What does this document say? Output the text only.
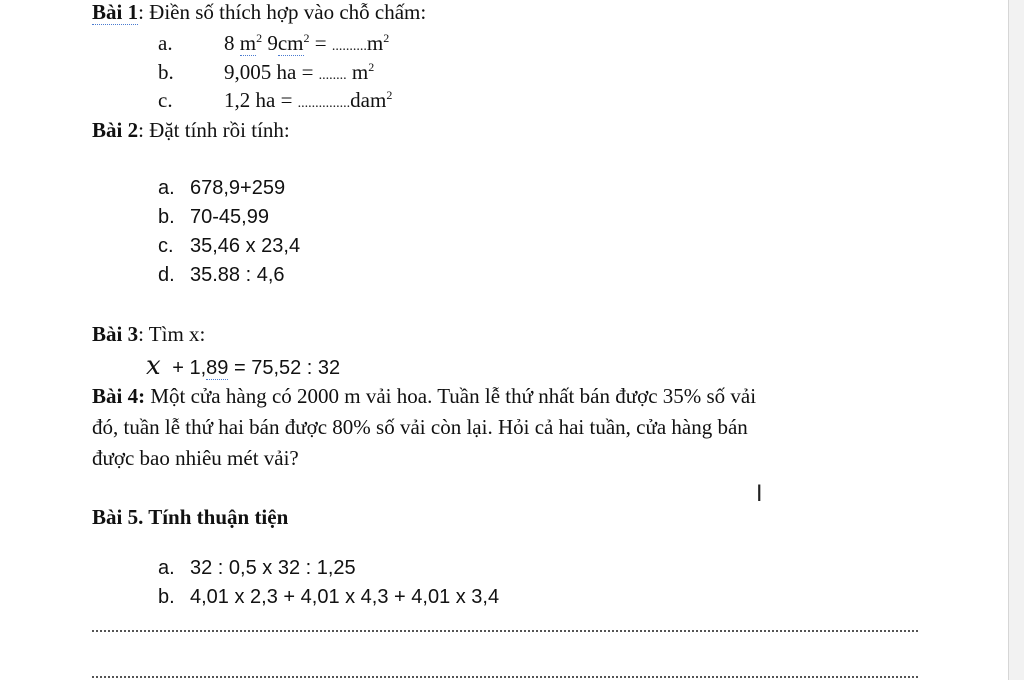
Bài 1: Điền số thích hợp vào chỗ chấm:
a. 8 $m^2$ $9cm^2 = ..........m^2$
b. 9,005 ha = ........ $m^2$
c. 1,2 ha = ...............dam$^2$
Bài 2: Đặt tính rồi tính:
a. 678,9+259
b. 70-45,99
c. 35,46 x 23,4
d. 35.88 : 4,6
Bài 3: Tìm x:
x + 1,89 = 75,52 : 32
Bài 4: Một cửa hàng có 2000 m vải hoa. Tuần lễ thứ nhất bán được 35% số vải
đó, tuần lễ thứ hai bán được 80% số vải còn lại. Hỏi cả hai tuần, cửa hàng bán
được bao nhiêu mét vải?
I
Bài 5. Tính thuận tiện
a. 32 : 0,5 x 32 : 1,25
b. 4,01 x 2,3 + 4,01 x 4,3 + 4,01 x 3,4
